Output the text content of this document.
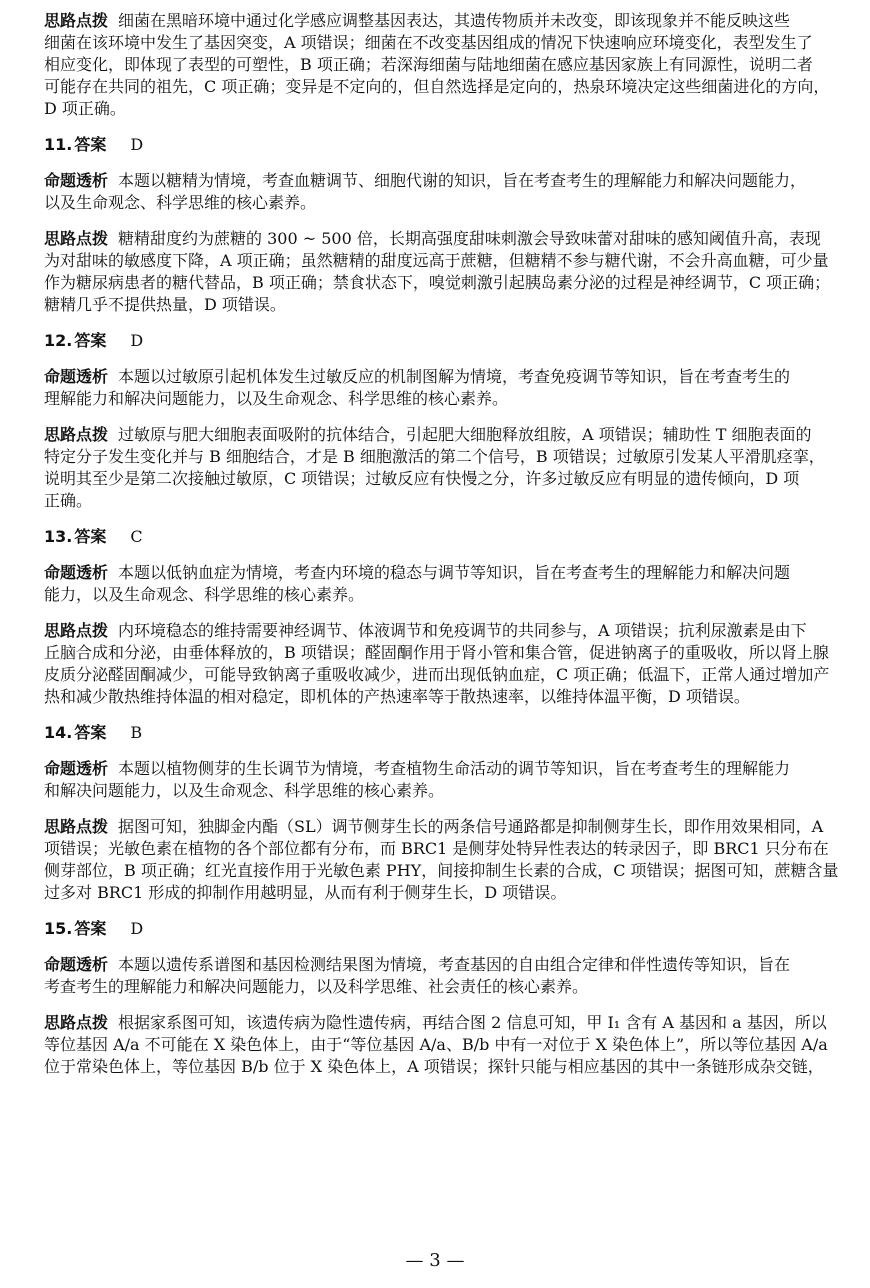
思路点拨 细菌在黑暗环境中通过化学感应调整基因表达，其遗传物质并未改变，即该现象并不能反映这些
细菌在该环境中发生了基因突变，A 项错误；细菌在不改变基因组成的情况下快速响应环境变化，表型发生了
相应变化，即体现了表型的可塑性，B 项正确；若深海细菌与陆地细菌在感应基因家族上有同源性，说明二者
可能存在共同的祖先，C 项正确；变异是不定向的，但自然选择是定向的，热泉环境决定这些细菌进化的方向，
D 项正确。
11. 答案 D
命题透析 本题以糖精为情境，考查血糖调节、细胞代谢的知识，旨在考查考生的理解能力和解决问题能力，
以及生命观念、科学思维的核心素养。
思路点拨 糖精甜度约为蔗糖的 300 ~ 500 倍，长期高强度甜味刺激会导致味蕾对甜味的感知阈值升高，表现
为对甜味的敏感度下降，A 项正确；虽然糖精的甜度远高于蔗糖，但糖精不参与糖代谢，不会升高血糖，可少量
作为糖尿病患者的糖代替品，B 项正确；禁食状态下，嗅觉刺激引起胰岛素分泌的过程是神经调节，C 项正确；
糖精几乎不提供热量，D 项错误。
12. 答案 D
命题透析 本题以过敏原引起机体发生过敏反应的机制图解为情境，考查免疫调节等知识，旨在考查考生的
理解能力和解决问题能力，以及生命观念、科学思维的核心素养。
思路点拨 过敏原与肥大细胞表面吸附的抗体结合，引起肥大细胞释放组胺，A 项错误；辅助性 T 细胞表面的
特定分子发生变化并与 B 细胞结合，才是 B 细胞激活的第二个信号，B 项错误；过敏原引发某人平滑肌痉挛，
说明其至少是第二次接触过敏原，C 项错误；过敏反应有快慢之分，许多过敏反应有明显的遗传倾向，D 项
正确。
13. 答案 C
命题透析 本题以低钠血症为情境，考查内环境的稳态与调节等知识，旨在考查考生的理解能力和解决问题
能力，以及生命观念、科学思维的核心素养。
思路点拨 内环境稳态的维持需要神经调节、体液调节和免疫调节的共同参与，A 项错误；抗利尿激素是由下
丘脑合成和分泌，由垂体释放的，B 项错误；醛固酮作用于肾小管和集合管，促进钠离子的重吸收，所以肾上腺
皮质分泌醛固酮减少，可能导致钠离子重吸收减少，进而出现低钠血症，C 项正确；低温下，正常人通过增加产
热和减少散热维持体温的相对稳定，即机体的产热速率等于散热速率，以维持体温平衡，D 项错误。
14. 答案 B
命题透析 本题以植物侧芽的生长调节为情境，考查植物生命活动的调节等知识，旨在考查考生的理解能力
和解决问题能力，以及生命观念、科学思维的核心素养。
思路点拨 据图可知，独脚金内酯（SL）调节侧芽生长的两条信号通路都是抑制侧芽生长，即作用效果相同，A
项错误；光敏色素在植物的各个部位都有分布，而 BRC1 是侧芽处特异性表达的转录因子，即 BRC1 只分布在
侧芽部位，B 项正确；红光直接作用于光敏色素 PHY，间接抑制生长素的合成，C 项错误；据图可知，蔗糖含量
过多对 BRC1 形成的抑制作用越明显，从而有利于侧芽生长，D 项错误。
15. 答案 D
命题透析 本题以遗传系谱图和基因检测结果图为情境，考查基因的自由组合定律和伴性遗传等知识，旨在
考查考生的理解能力和解决问题能力，以及科学思维、社会责任的核心素养。
思路点拨 根据家系图可知，该遗传病为隐性遗传病，再结合图 2 信息可知，甲 Ⅰ₁ 含有 A 基因和 a 基因，所以
等位基因 A/a 不可能在 X 染色体上，由于“等位基因 A/a、B/b 中有一对位于 X 染色体上”，所以等位基因 A/a
位于常染色体上，等位基因 B/b 位于 X 染色体上，A 项错误；探针只能与相应基因的其中一条链形成杂交链，
— 3 —
